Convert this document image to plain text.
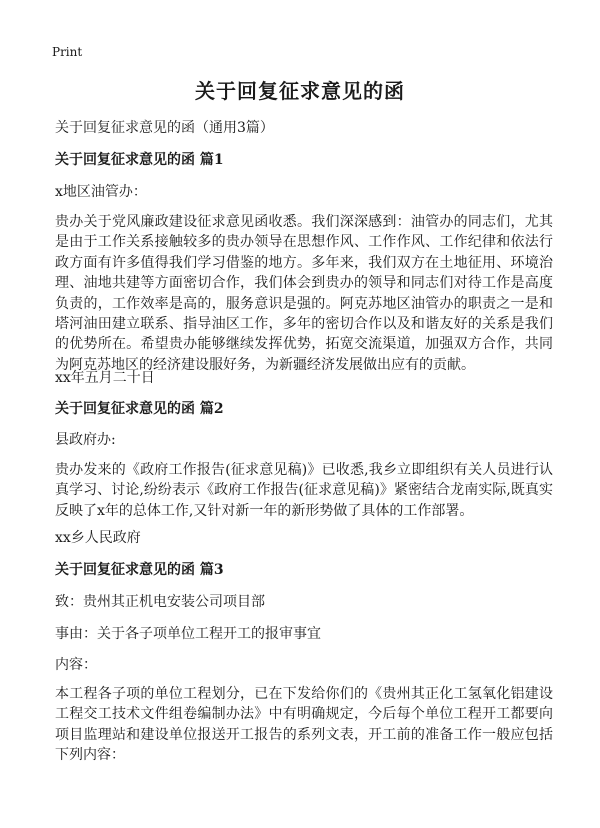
Print
关于回复征求意见的函
关于回复征求意见的函（通用3篇）
关于回复征求意见的函 篇1
x地区油管办：
贵办关于党风廉政建设征求意见函收悉。我们深深感到：油管办的同志们，尤其是由于工作关系接触较多的贵办领导在思想作风、工作作风、工作纪律和依法行政方面有许多值得我们学习借鉴的地方。多年来，我们双方在土地征用、环境治理、油地共建等方面密切合作，我们体会到贵办的领导和同志们对待工作是高度负责的，工作效率是高的，服务意识是强的。阿克苏地区油管办的职责之一是和塔河油田建立联系、指导油区工作，多年的密切合作以及和谐友好的关系是我们的优势所在。希望贵办能够继续发挥优势，拓宽交流渠道，加强双方合作，共同为阿克苏地区的经济建设服好务，为新疆经济发展做出应有的贡献。
xx年五月二十日
关于回复征求意见的函 篇2
县政府办:
贵办发来的《政府工作报告(征求意见稿)》已收悉,我乡立即组织有关人员进行认真学习、讨论,纷纷表示《政府工作报告(征求意见稿)》紧密结合龙南实际,既真实反映了x年的总体工作,又针对新一年的新形势做了具体的工作部署。
xx乡人民政府
关于回复征求意见的函 篇3
致：贵州其正机电安装公司项目部
事由：关于各子项单位工程开工的报审事宜
内容：
本工程各子项的单位工程划分，已在下发给你们的《贵州其正化工氢氧化铝建设工程交工技术文件组卷编制办法》中有明确规定，今后每个单位工程开工都要向项目监理站和建设单位报送开工报告的系列文表，开工前的准备工作一般应包括下列内容：
